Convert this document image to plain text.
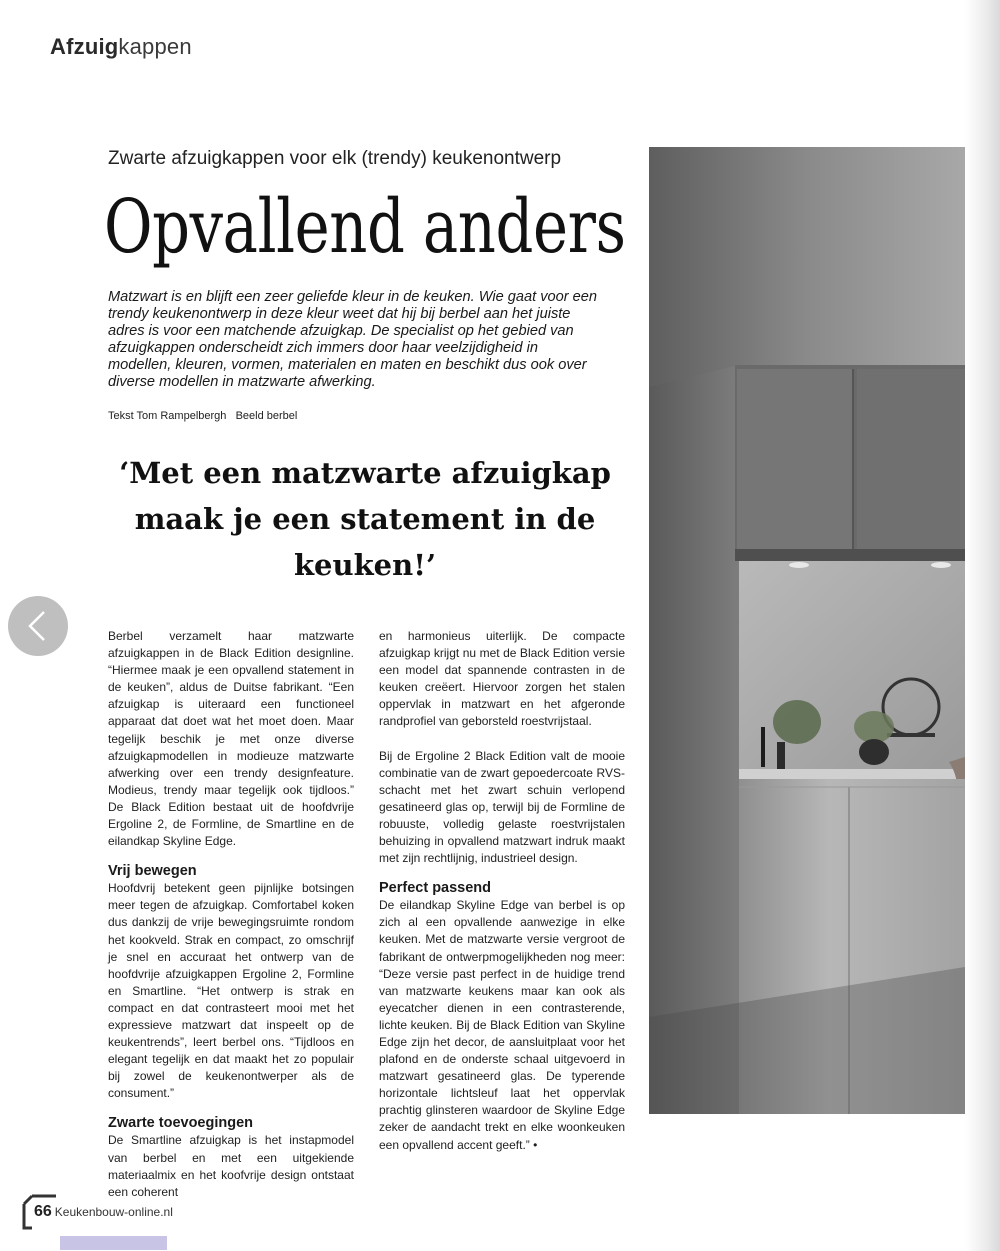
Afzuigkappen
Zwarte afzuigkappen voor elk (trendy) keukenontwerp
Opvallend anders
Matzwart is en blijft een zeer geliefde kleur in de keuken. Wie gaat voor een trendy keukenontwerp in deze kleur weet dat hij bij berbel aan het juiste adres is voor een matchende afzuigkap. De specialist op het gebied van afzuigkappen onderscheidt zich immers door haar veelzijdigheid in modellen, kleuren, vormen, materialen en maten en beschikt dus ook over diverse modellen in matzwarte afwerking.
Tekst Tom Rampelbergh   Beeld berbel
‘Met een matzwarte afzuigkap maak je een statement in de keuken!’

Berbel verzamelt haar matzwarte afzuigkappen in de Black Edition designline. “Hiermee maak je een opvallend statement in de keuken”, aldus de Duitse fabrikant. “Een afzuigkap is uiteraard een functioneel apparaat dat doet wat het moet doen. Maar tegelijk beschik je met onze diverse afzuigkapmodellen in modieuze matzwarte afwerking over een trendy designfeature. Modieus, trendy maar tegelijk ook tijdloos.” De Black Edition bestaat uit de hoofdvrije Ergoline 2, de Formline, de Smartline en de eilandkap Skyline Edge.

Vrij bewegen

Hoofdvrij betekent geen pijnlijke botsingen meer tegen de afzuigkap. Comfortabel koken dus dankzij de vrije bewegingsruimte rondom het kookveld. Strak en compact, zo omschrijf je snel en accuraat het ontwerp van de hoofdvrije afzuigkappen Ergoline 2, Formline en Smartline. “Het ontwerp is strak en compact en dat contrasteert mooi met het expressieve matzwart dat inspeelt op de keukentrends”, leert berbel ons. “Tijdloos en elegant tegelijk en dat maakt het zo populair bij zowel de keukenontwerper als de consument.”

Zwarte toevoegingen

De Smartline afzuigkap is het instapmodel van berbel en met een uitgekiende materiaalmix en het koofvrije design ontstaat een coherent

en harmonieus uiterlijk. De compacte afzuigkap krijgt nu met de Black Edition versie een model dat spannende contrasten in de keuken creëert. Hiervoor zorgen het stalen oppervlak in matzwart en het afgeronde randprofiel van geborsteld roestvrijstaal.

Bij de Ergoline 2 Black Edition valt de mooie combinatie van de zwart gepoedercoate RVS-schacht met het zwart schuin verlopend gesatineerd glas op, terwijl bij de Formline de robuuste, volledig gelaste roestvrijstalen behuizing in opvallend matzwart indruk maakt met zijn rechtlijnig, industrieel design.

Perfect passend

De eilandkap Skyline Edge van berbel is op zich al een opvallende aanwezige in elke keuken. Met de matzwarte versie vergroot de fabrikant de ontwerpmogelijkheden nog meer: “Deze versie past perfect in de huidige trend van matzwarte keukens maar kan ook als eyecatcher dienen in een contrasterende, lichte keuken. Bij de Black Edition van Skyline Edge zijn het decor, de aansluitplaat voor het plafond en de onderste schaal uitgevoerd in matzwart gesatineerd glas. De typerende horizontale lichtsleuf laat het oppervlak prachtig glinsteren waardoor de Skyline Edge zeker de aandacht trekt en elke woonkeuken een opvallend accent geeft.” •

66 Keukenbouw-online.nl
